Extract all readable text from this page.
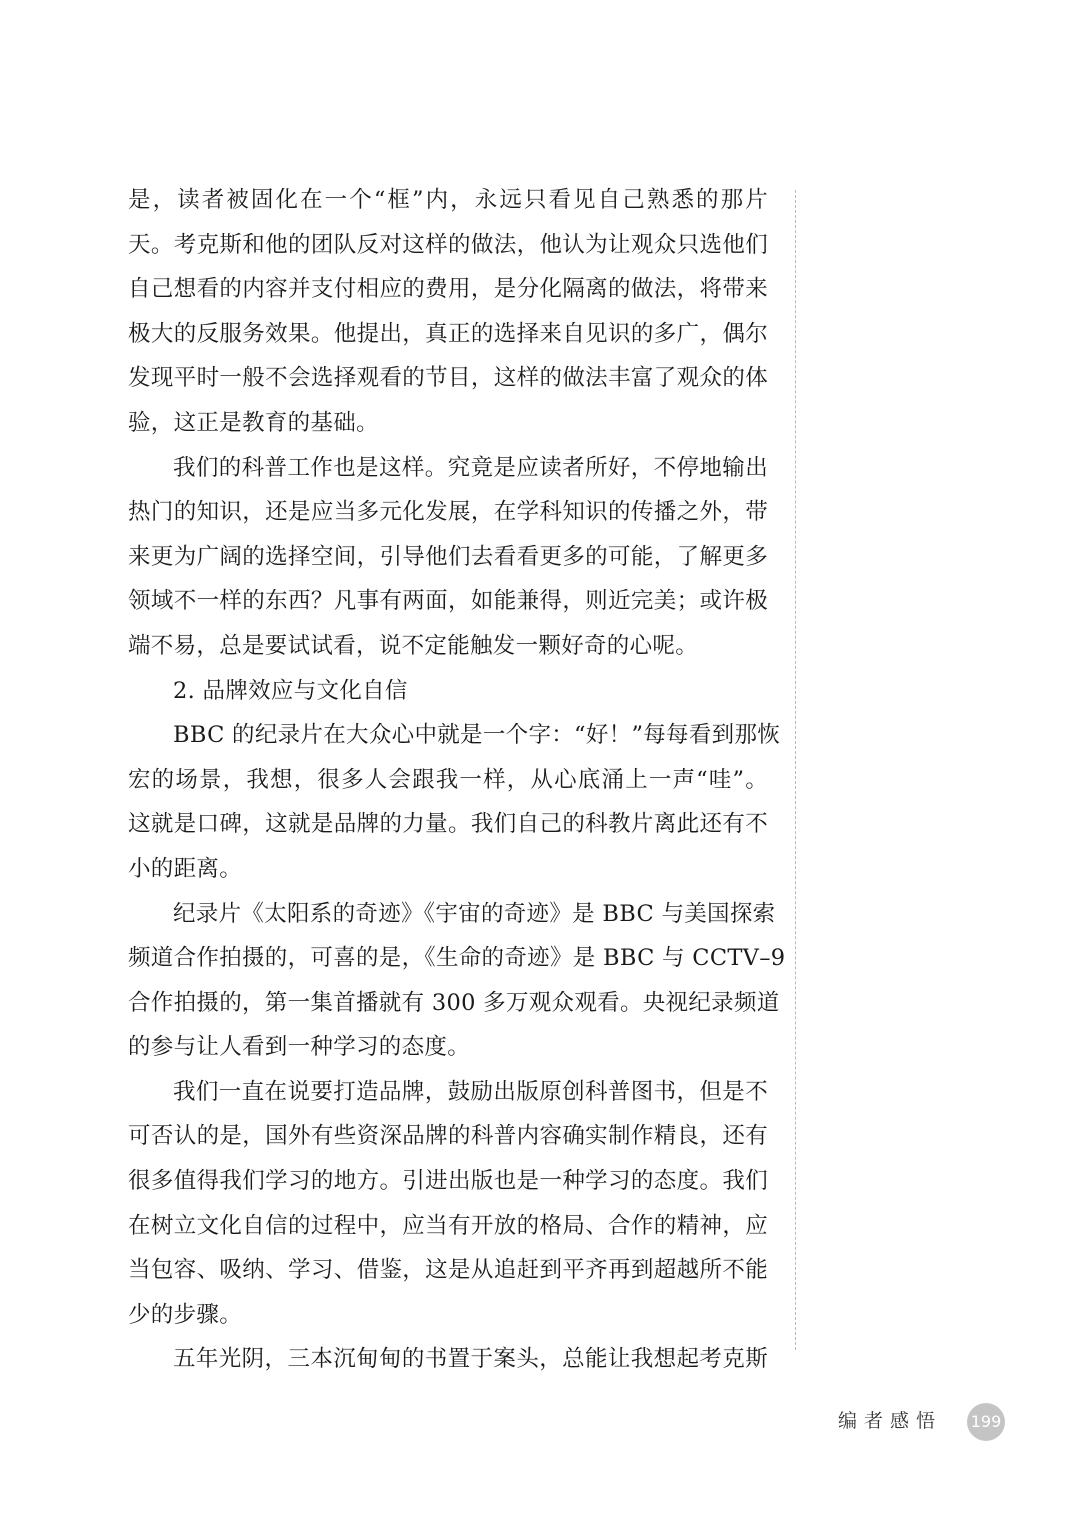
是，读者被固化在一个“框”内，永远只看见自己熟悉的那片
天。考克斯和他的团队反对这样的做法，他认为让观众只选他们
自己想看的内容并支付相应的费用，是分化隔离的做法，将带来
极大的反服务效果。他提出，真正的选择来自见识的多广，偶尔
发现平时一般不会选择观看的节目，这样的做法丰富了观众的体
验，这正是教育的基础。
我们的科普工作也是这样。究竟是应读者所好，不停地输出
热门的知识，还是应当多元化发展，在学科知识的传播之外，带
来更为广阔的选择空间，引导他们去看看更多的可能，了解更多
领域不一样的东西？凡事有两面，如能兼得，则近完美；或许极
端不易，总是要试试看，说不定能触发一颗好奇的心呢。
2. 品牌效应与文化自信
BBC 的纪录片在大众心中就是一个字：“好！”每每看到那恢
宏的场景，我想，很多人会跟我一样，从心底涌上一声“哇”。
这就是口碑，这就是品牌的力量。我们自己的科教片离此还有不
小的距离。
纪录片《太阳系的奇迹》《宇宙的奇迹》是 BBC 与美国探索
频道合作拍摄的，可喜的是，《生命的奇迹》是 BBC 与 CCTV–9
合作拍摄的，第一集首播就有 300 多万观众观看。央视纪录频道
的参与让人看到一种学习的态度。
我们一直在说要打造品牌，鼓励出版原创科普图书，但是不
可否认的是，国外有些资深品牌的科普内容确实制作精良，还有
很多值得我们学习的地方。引进出版也是一种学习的态度。我们
在树立文化自信的过程中，应当有开放的格局、合作的精神，应
当包容、吸纳、学习、借鉴，这是从追赶到平齐再到超越所不能
少的步骤。
五年光阴，三本沉甸甸的书置于案头，总能让我想起考克斯
编者感悟 199
